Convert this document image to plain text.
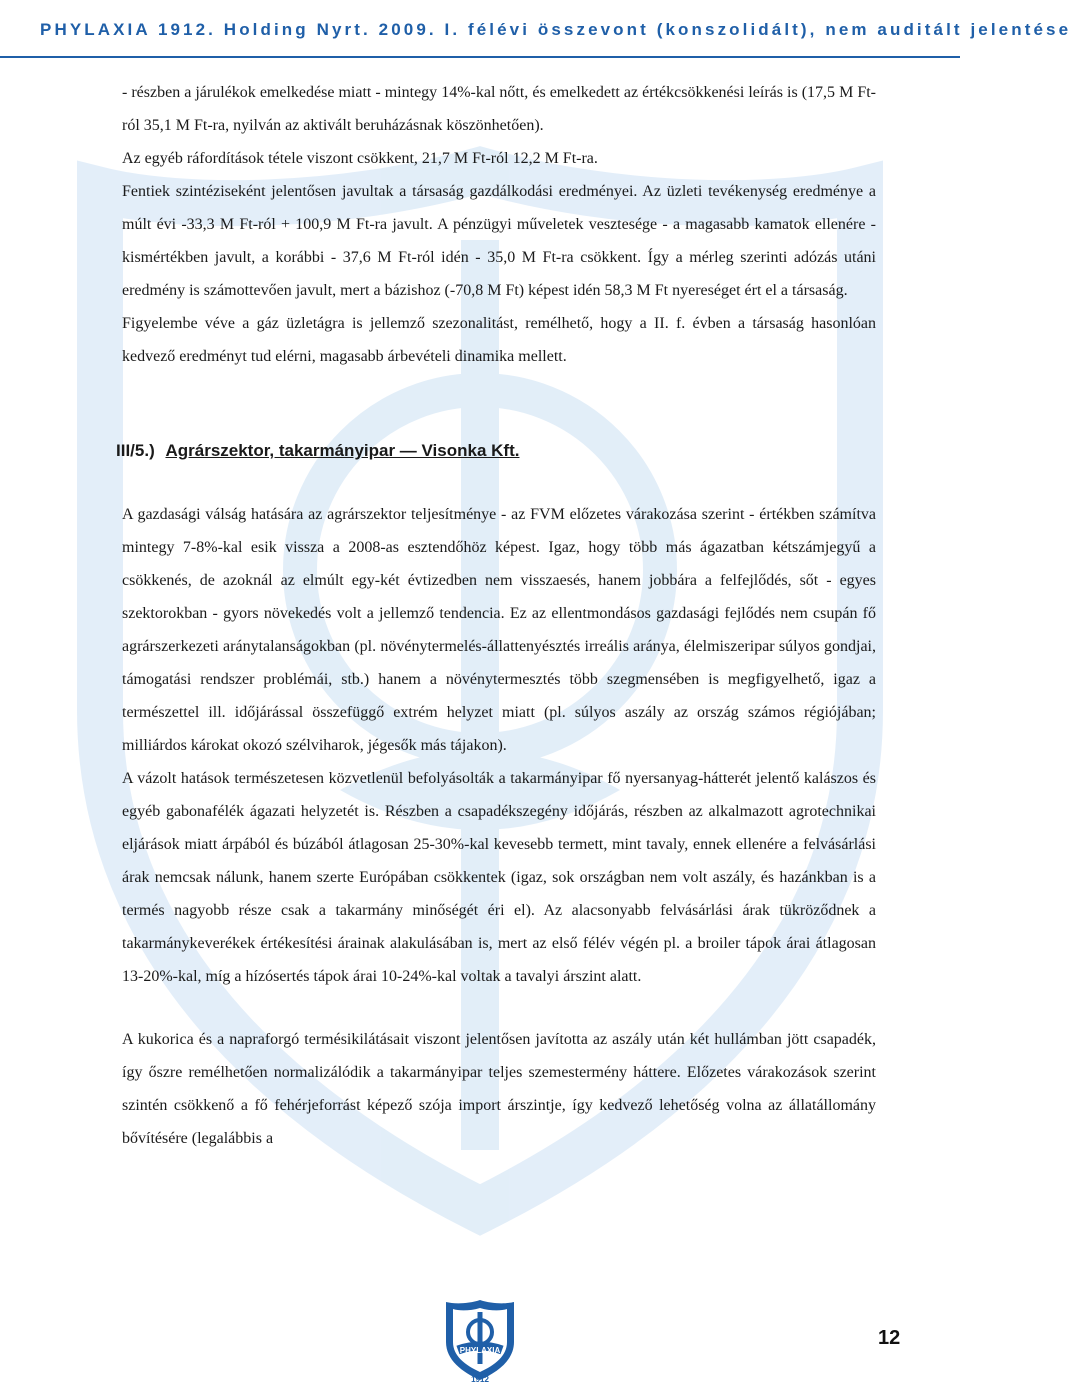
PHYLAXIA 1912. Holding Nyrt. 2009. I. félévi összevont (konszolidált), nem auditált jelentése

- részben a járulékok emelkedése miatt - mintegy 14%-kal nőtt, és emelkedett az értékcsökkenési leírás is (17,5 M Ft-ról 35,1 M Ft-ra, nyilván az aktivált beruházásnak köszönhetően).

Az egyéb ráfordítások tétele viszont csökkent, 21,7 M Ft-ról 12,2 M Ft-ra.

Fentiek szintéziseként jelentősen javultak a társaság gazdálkodási eredményei. Az üzleti tevékenység eredménye a múlt évi -33,3 M Ft-ról + 100,9 M Ft-ra javult. A pénzügyi műveletek vesztesége - a magasabb kamatok ellenére - kismértékben javult, a korábbi - 37,6 M Ft-ról idén - 35,0 M Ft-ra csökkent. Így a mérleg szerinti adózás utáni eredmény is számottevően javult, mert a bázishoz (-70,8 M Ft) képest idén 58,3 M Ft nyereséget ért el a társaság.

Figyelembe véve a gáz üzletágra is jellemző szezonalitást, remélhető, hogy a II. f. évben a társaság hasonlóan kedvező eredményt tud elérni, magasabb árbevételi dinamika mellett.

III/5.) Agrárszektor, takarmányipar — Visonka Kft.

A gazdasági válság hatására az agrárszektor teljesítménye - az FVM előzetes várakozása szerint - értékben számítva mintegy 7-8%-kal esik vissza a 2008-as esztendőhöz képest. Igaz, hogy több más ágazatban kétszámjegyű a csökkenés, de azoknál az elmúlt egy-két évtizedben nem visszaesés, hanem jobbára a felfejlődés, sőt - egyes szektorokban - gyors növekedés volt a jellemző tendencia. Ez az ellentmondásos gazdasági fejlődés nem csupán fő agrárszerkezeti aránytalanságokban (pl. növénytermelés-állattenyésztés irreális aránya, élelmiszeripar súlyos gondjai, támogatási rendszer problémái, stb.) hanem a növénytermesztés több szegmensében is megfigyelhető, igaz a természettel ill. időjárással összefüggő extrém helyzet miatt (pl. súlyos aszály az ország számos régiójában; milliárdos károkat okozó szélviharok, jégesők más tájakon).

A vázolt hatások természetesen közvetlenül befolyásolták a takarmányipar fő nyersanyag-hátterét jelentő kalászos és egyéb gabonafélék ágazati helyzetét is. Részben a csapadékszegény időjárás, részben az alkalmazott agrotechnikai eljárások miatt árpából és búzából átlagosan 25-30%-kal kevesebb termett, mint tavaly, ennek ellenére a felvásárlási árak nemcsak nálunk, hanem szerte Európában csökkentek (igaz, sok országban nem volt aszály, és hazánkban is a termés nagyobb része csak a takarmány minőségét éri el). Az alacsonyabb felvásárlási árak tükröződnek a takarmánykeverékek értékesítési árainak alakulásában is, mert az első félév végén pl. a broiler tápok árai átlagosan 13-20%-kal, míg a hízósertés tápok árai 10-24%-kal voltak a tavalyi árszint alatt.

A kukorica és a napraforgó termésikilátásait viszont jelentősen javította az aszály után két hullámban jött csapadék, így őszre remélhetően normalizálódik a takarmányipar teljes szemestermény háttere. Előzetes várakozások szerint szintén csökkenő a fő fehérjeforrást képező szója import árszintje, így kedvező lehetőség volna az állatállomány bővítésére (legalábbis a

PHYLAXIA
1912
12
